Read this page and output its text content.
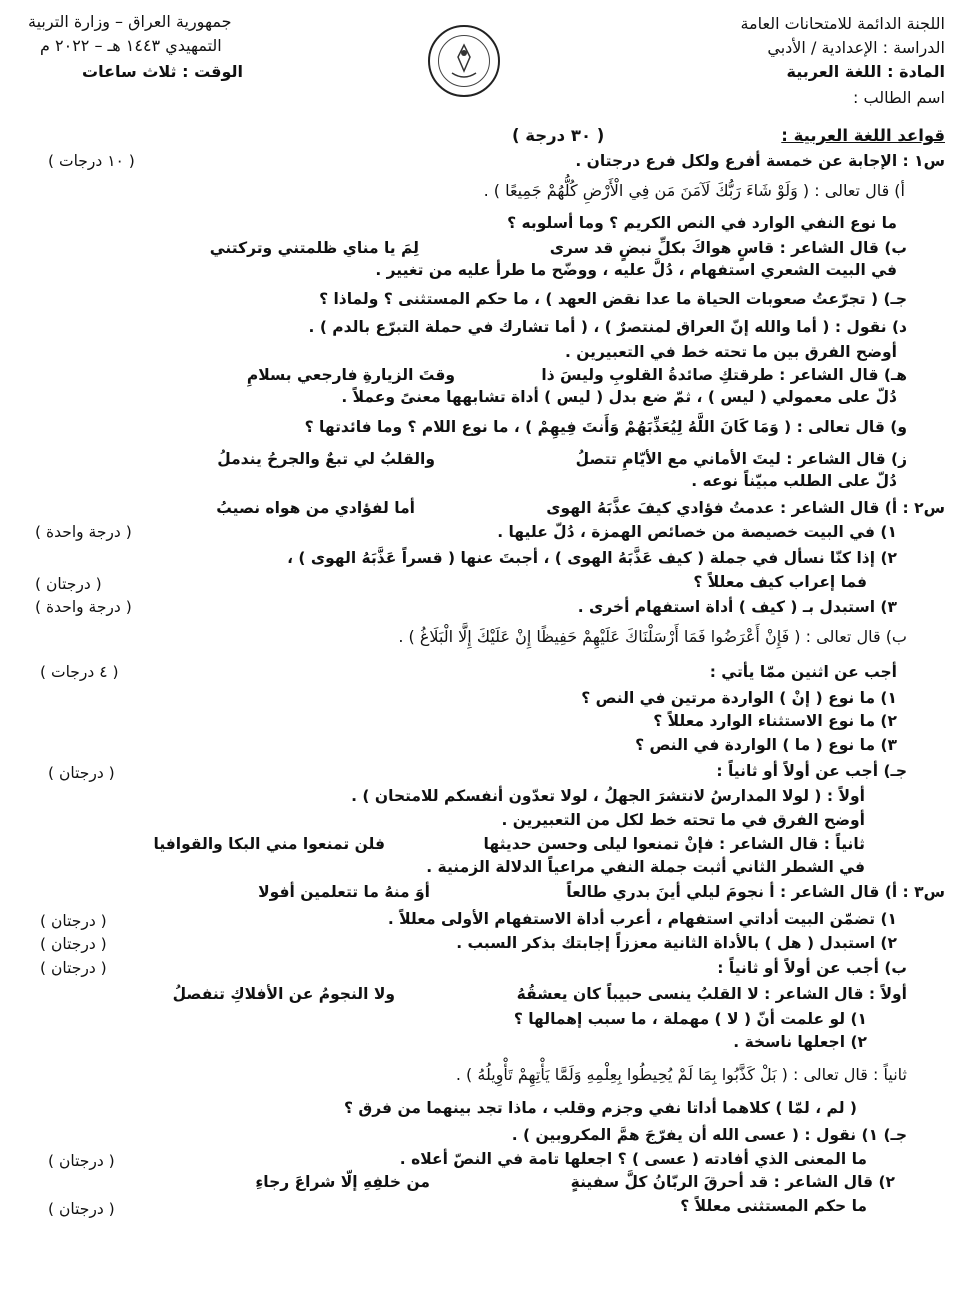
اللجنة الدائمة للامتحانات العامة
الدراسة : الإعدادية / الأدبي
المادة : اللغة العربية
اسم الطالب :
جمهورية العراق – وزارة التربية
التمهيدي ١٤٤٣ هـ – ٢٠٢٢ م
الوقت : ثلاث ساعات
قواعد اللغة العربية :
( ٣٠ درجة )
س١ : الإجابة عن خمسة أفرع ولكل فرع درجتان .
أ) قال تعالى : ( وَلَوْ شَاءَ رَبُّكَ لَآمَنَ مَن فِي الْأَرْضِ كُلُّهُمْ جَمِيعًا ) .
ما نوع النفي الوارد في النص الكريم ؟ وما أسلوبه ؟
ب) قال الشاعر : قاسٍ هواكَ بكلِّ نبضٍ قد سرى
لِمَ يا مناي ظلمتني وتركتني
في البيت الشعري استفهام ، دُلَّ عليه ، ووضّح ما طرأ عليه من تغيير .
جـ) ( تجرّعتُ صعوبات الحياة ما عدا نقض العهد ) ، ما حكم المستثنى ؟ ولماذا ؟
د) نقول : ( أما والله إنّ العراق لمنتصرٌ ) ، ( أما تشارك في حملة التبرّع بالدم ) .
أوضح الفرق بين ما تحته خط في التعبيرين .
هـ) قال الشاعر : طرقتكِ صائدةُ القلوبِ وليسَ ذا
وقتَ الزيارةِ فارجعي بسلامِ
دُلّ على معمولي ( ليس ) ، ثمّ ضع بدل ( ليس ) أداة تشابهها معنىً وعملاً .
و) قال تعالى : ( وَمَا كَانَ اللَّهُ لِيُعَذِّبَهُمْ وَأَنتَ فِيهِمْ ) ، ما نوع اللام ؟ وما فائدتها ؟
ز) قال الشاعر : ليتَ الأماني مع الأيّامِ تتصلُ
والقلبُ لي تبعٌ والجرحُ يندملُ
دُلّ على الطلب مبيّناً نوعه .
س٢ : أ) قال الشاعر : عدمتُ فؤادي كيفَ عذَّبَهُ الهوى
أما لفؤادي من هواه نصيبُ
١) في البيت خصيصة من خصائص الهمزة ، دُلّ عليها .
٢) إذا كنّا نسأل في جملة ( كيف عَذَّبَهُ الهوى ) ، أجبتَ عنها ( قسراً عَذَّبَهُ الهوى ) ،
فما إعراب كيف معللاً ؟
٣) استبدل بـ ( كيف ) أداة استفهام أخرى .
ب) قال تعالى : ( فَإِنْ أَعْرَضُوا فَمَا أَرْسَلْنَاكَ عَلَيْهِمْ حَفِيظًا إِنْ عَلَيْكَ إِلَّا الْبَلَاغُ ) .
أجب عن اثنين ممّا يأتي :
١) ما نوع ( إنْ ) الواردة مرتين في النص ؟
٢) ما نوع الاستثناء الوارد معللاً ؟
٣) ما نوع ( ما ) الواردة في النص ؟
جـ) أجب عن أولاً أو ثانياً :
أولاً : ( لولا المدارسُ لانتشرَ الجهلُ ، لولا تعدّون أنفسكم للامتحان ) .
أوضح الفرق في ما تحته خط لكل من التعبيرين .
ثانياً : قال الشاعر : فإنْ تمنعوا ليلى وحسن حديثها
فلن تمنعوا مني البكا والقوافيا
في الشطر الثاني أثبت جملة النفي مراعياً الدلالة الزمنية .
س٣ : أ) قال الشاعر : أ نجومَ ليلي أينَ بدري طالعاً
أوَ منهُ ما تتعلمين أفولا
١) تضمّن البيت أداتي استفهام ، أعرب أداة الاستفهام الأولى معللاً .
٢) استبدل ( هل ) بالأداة الثانية معززاً إجابتك بذكر السبب .
ب) أجب عن أولاً أو ثانياً :
أولاً : قال الشاعر : لا القلبُ ينسى حبيباً كان يعشقُهُ
ولا النجومُ عن الأفلاكِ تنفصلُ
١) لو علمت أنّ ( لا ) مهملة ، ما سبب إهمالها ؟
٢) اجعلها ناسخة .
ثانياً : قال تعالى : ( بَلْ كَذَّبُوا بِمَا لَمْ يُحِيطُوا بِعِلْمِهِ وَلَمَّا يَأْتِهِمْ تَأْوِيلُهُ ) .
( لم ، لمّا ) كلاهما أداتا نفي وجزم وقلب ، ماذا تجد بينهما من فرق ؟
جـ) ١) نقول : ( عسى الله أن يفرّجَ همَّ المكروبين ) .
ما المعنى الذي أفادته ( عسى ) ؟ اجعلها تامة في النصّ أعلاه .
٢) قال الشاعر : قد أحرقَ الربّانُ كلَّ سفينةٍ
من خلفِهِ إلّا شراعَ رجاءِ
ما حكم المستثنى معللاً ؟
( ١٠ درجات )
( درجة واحدة )
( درجتان )
( درجة واحدة )
( ٤ درجات )
( درجتان )
( درجتان )
( درجتان )
( درجتان )
( درجتان )
( درجتان )
